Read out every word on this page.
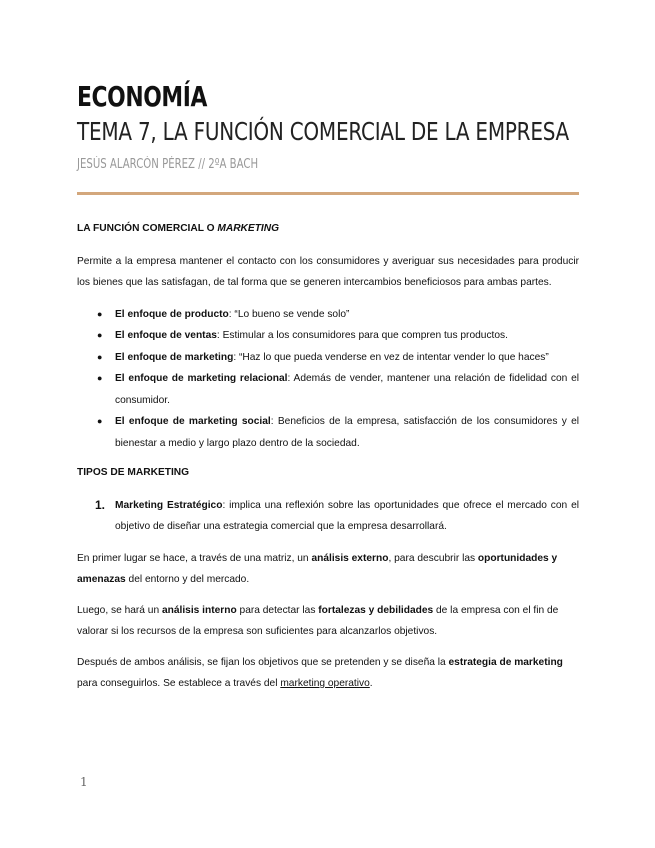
ECONOMÍA
TEMA 7, LA FUNCIÓN COMERCIAL DE LA EMPRESA
JESÚS ALARCÓN PÉREZ // 2ºA BACH

LA FUNCIÓN COMERCIAL O MARKETING

Permite a la empresa mantener el contacto con los consumidores y averiguar sus necesidades para producir los bienes que las satisfagan, de tal forma que se generen intercambios beneficiosos para ambas partes.

● El enfoque de producto: “Lo bueno se vende solo”
● El enfoque de ventas: Estimular a los consumidores para que compren tus productos.
● El enfoque de marketing: “Haz lo que pueda venderse en vez de intentar vender lo que haces”
● El enfoque de marketing relacional: Además de vender, mantener una relación de fidelidad con el consumidor.
● El enfoque de marketing social: Beneficios de la empresa, satisfacción de los consumidores y el bienestar a medio y largo plazo dentro de la sociedad.

TIPOS DE MARKETING

1. Marketing Estratégico: implica una reflexión sobre las oportunidades que ofrece el mercado con el objetivo de diseñar una estrategia comercial que la empresa desarrollará.

En primer lugar se hace, a través de una matriz, un análisis externo, para descubrir las oportunidades y amenazas del entorno y del mercado.

Luego, se hará un análisis interno para detectar las fortalezas y debilidades de la empresa con el fin de valorar si los recursos de la empresa son suficientes para alcanzarlos objetivos.

Después de ambos análisis, se fijan los objetivos que se pretenden y se diseña la estrategia de marketing para conseguirlos. Se establece a través del marketing operativo.

1
